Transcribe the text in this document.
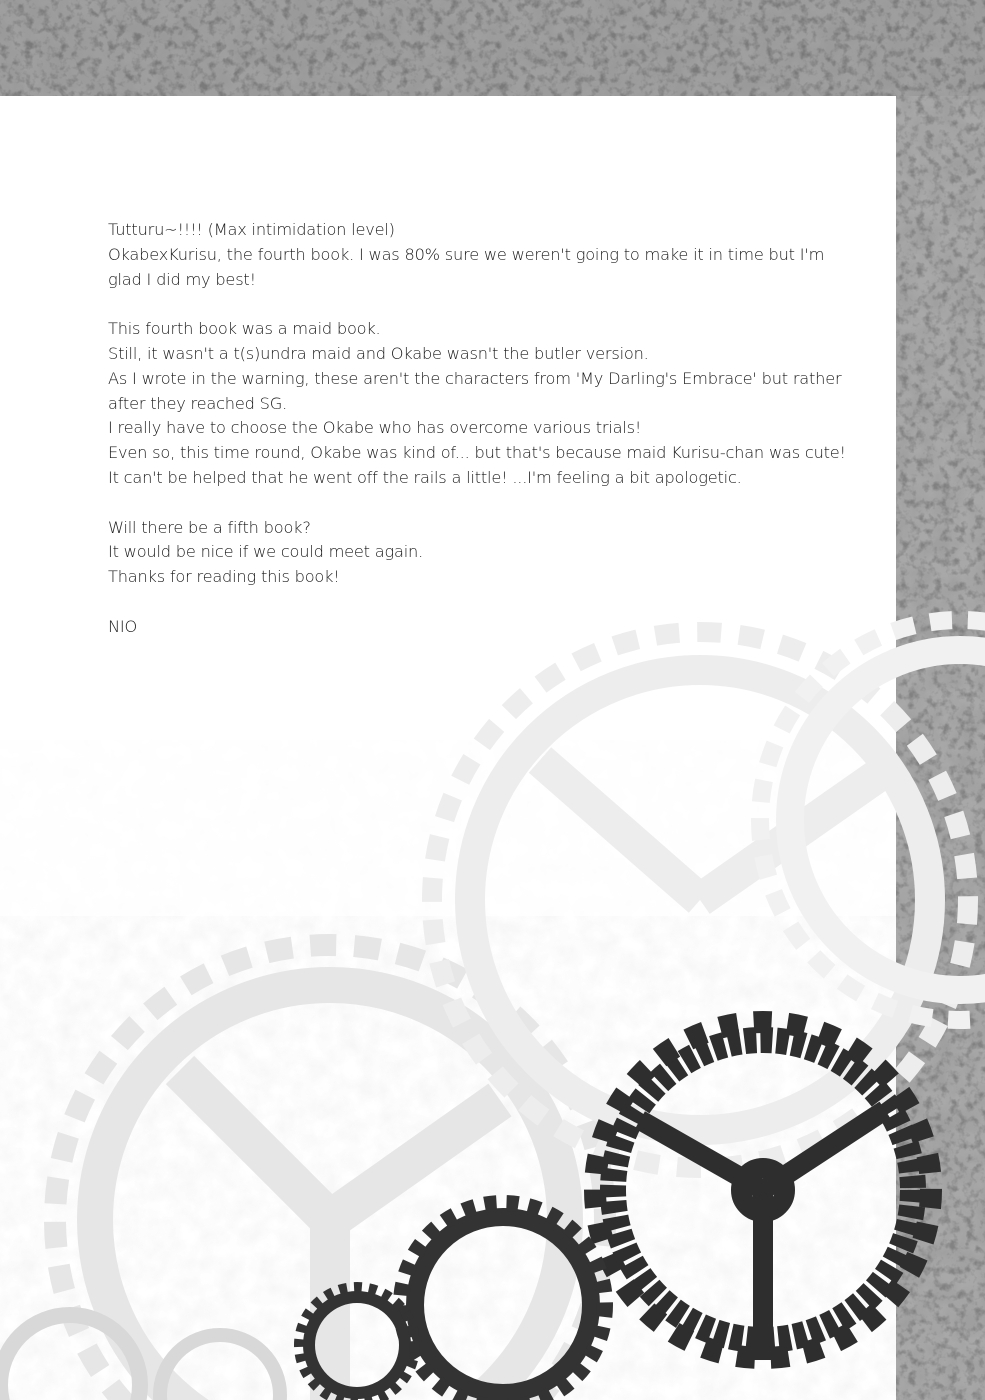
Tutturu~!!!! (Max intimidation level)
OkabexKurisu, the fourth book. I was 80% sure we weren't going to make it in time but I'm
glad I did my best!
This fourth book was a maid book.
Still, it wasn't a t(s)undra maid and Okabe wasn't the butler version.
As I wrote in the warning, these aren't the characters from 'My Darling's Embrace' but rather
after they reached SG.
I really have to choose the Okabe who has overcome various trials!
Even so, this time round, Okabe was kind of... but that's because maid Kurisu-chan was cute!
It can't be helped that he went off the rails a little! ...I'm feeling a bit apologetic.
Will there be a fifth book?
It would be nice if we could meet again.
Thanks for reading this book!
NIO
